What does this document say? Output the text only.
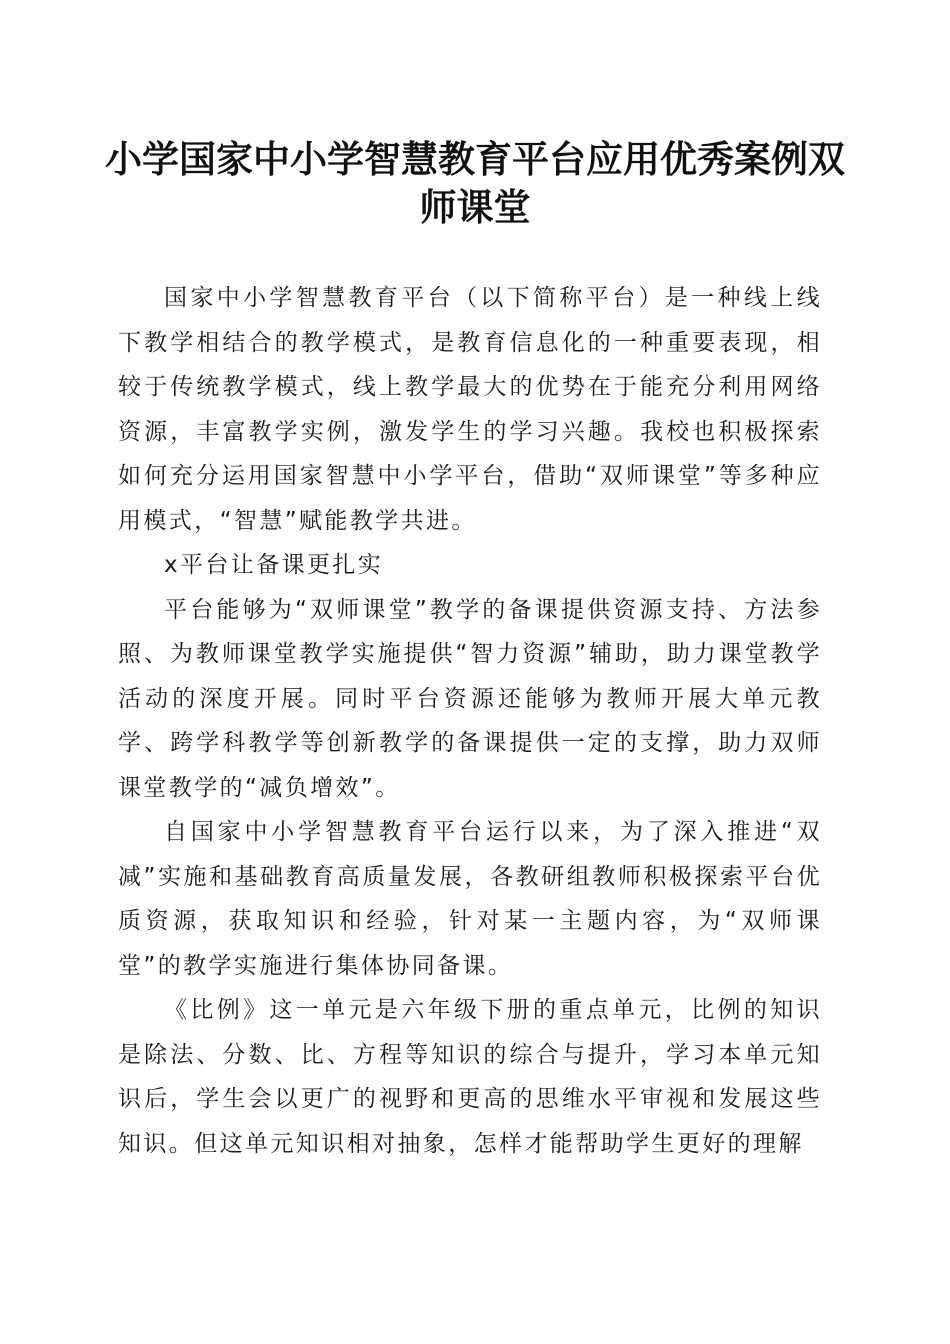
小学国家中小学智慧教育平台应用优秀案例双师课堂

国家中小学智慧教育平台（以下简称平台）是一种线上线下教学相结合的教学模式，是教育信息化的一种重要表现，相较于传统教学模式，线上教学最大的优势在于能充分利用网络资源，丰富教学实例，激发学生的学习兴趣。我校也积极探索如何充分运用国家智慧中小学平台，借助“双师课堂”等多种应用模式，“智慧”赋能教学共进。

x平台让备课更扎实

平台能够为“双师课堂”教学的备课提供资源支持、方法参照、为教师课堂教学实施提供“智力资源”辅助，助力课堂教学活动的深度开展。同时平台资源还能够为教师开展大单元教学、跨学科教学等创新教学的备课提供一定的支撑，助力双师课堂教学的“减负增效”。

自国家中小学智慧教育平台运行以来，为了深入推进“双减”实施和基础教育高质量发展，各教研组教师积极探索平台优质资源，获取知识和经验，针对某一主题内容，为“双师课堂”的教学实施进行集体协同备课。

《比例》这一单元是六年级下册的重点单元，比例的知识是除法、分数、比、方程等知识的综合与提升，学习本单元知识后，学生会以更广的视野和更高的思维水平审视和发展这些知识。但这单元知识相对抽象，怎样才能帮助学生更好的理解
